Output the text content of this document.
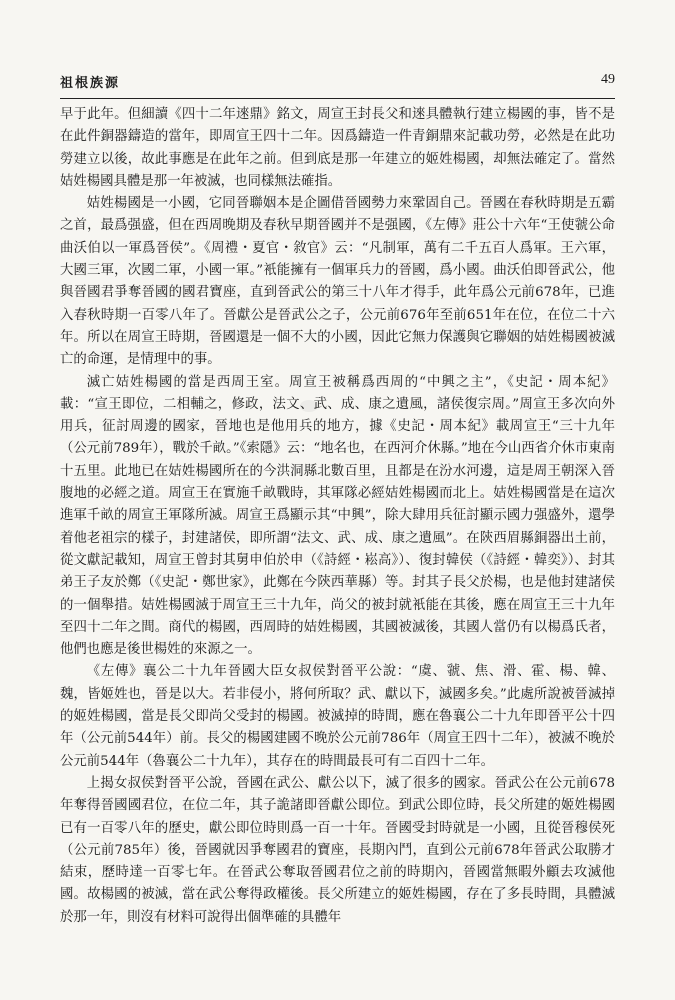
祖根族源	49

早于此年。但細讀《四十二年逨鼎》銘文，周宣王封長父和逨具體執行建立楊國的事，皆不是在此件銅器鑄造的當年，即周宣王四十二年。因爲鑄造一件青銅鼎來記載功勞，必然是在此功勞建立以後，故此事應是在此年之前。但到底是那一年建立的姬姓楊國，却無法確定了。當然姞姓楊國具體是那一年被滅，也同樣無法確指。

姞姓楊國是一小國，它同晉聯姻本是企圖借晉國勢力來鞏固自己。晉國在春秋時期是五霸之首，最爲强盛，但在西周晚期及春秋早期晉國并不是强國，《左傳》莊公十六年“王使虢公命曲沃伯以一軍爲晉侯”。《周禮・夏官・敘官》云：“凡制軍，萬有二千五百人爲軍。王六軍，大國三軍，次國二軍，小國一軍。”衹能擁有一個軍兵力的晉國，爲小國。曲沃伯即晉武公，他與晉國君爭奪晉國的國君寶座，直到晉武公的第三十八年才得手，此年爲公元前678年，已進入春秋時期一百零八年了。晉獻公是晉武公之子，公元前676年至前651年在位，在位二十六年。所以在周宣王時期，晉國還是一個不大的小國，因此它無力保護與它聯姻的姞姓楊國被滅亡的命運，是情理中的事。

滅亡姞姓楊國的當是西周王室。周宣王被稱爲西周的“中興之主”，《史記・周本紀》載：“宣王即位，二相輔之，修政，法文、武、成、康之遺風，諸侯復宗周。”周宣王多次向外用兵，征討周邊的國家，晉地也是他用兵的地方，據《史記・周本紀》載周宣王“三十九年（公元前789年），戰於千畝。”《索隱》云：“地名也，在西河介休縣。”地在今山西省介休市東南十五里。此地已在姞姓楊國所在的今洪洞縣北數百里，且都是在汾水河邊，這是周王朝深入晉腹地的必經之道。周宣王在實施千畝戰時，其軍隊必經姞姓楊國而北上。姞姓楊國當是在這次進軍千畝的周宣王軍隊所滅。周宣王爲顯示其“中興”，除大肆用兵征討顯示國力强盛外，還學着他老祖宗的樣子，封建諸侯，即所謂“法文、武、成、康之遺風”。在陝西眉縣銅器出土前，從文獻記載知，周宣王曾封其舅申伯於申（《詩經・崧高》）、復封韓侯（《詩經・韓奕》）、封其弟王子友於鄭（《史記・鄭世家》，此鄭在今陝西華縣）等。封其子長父於楊，也是他封建諸侯的一個舉措。姞姓楊國滅于周宣王三十九年，尚父的被封就衹能在其後，應在周宣王三十九年至四十二年之間。商代的楊國，西周時的姞姓楊國，其國被滅後，其國人當仍有以楊爲氏者，他們也應是後世楊姓的來源之一。

《左傳》襄公二十九年晉國大臣女叔侯對晉平公說：“虞、虢、焦、滑、霍、楊、韓、魏，皆姬姓也，晉是以大。若非侵小，將何所取？武、獻以下，滅國多矣。”此處所說被晉滅掉的姬姓楊國，當是長父即尚父受封的楊國。被滅掉的時間，應在魯襄公二十九年即晉平公十四年（公元前544年）前。長父的楊國建國不晚於公元前786年（周宣王四十二年），被滅不晚於公元前544年（魯襄公二十九年），其存在的時間最長可有二百四十二年。

上揭女叔侯對晉平公說，晉國在武公、獻公以下，滅了很多的國家。晉武公在公元前678年奪得晉國國君位，在位二年，其子詭諸即晉獻公即位。到武公即位時，長父所建的姬姓楊國已有一百零八年的歷史，獻公即位時則爲一百一十年。晉國受封時就是一小國，且從晉穆侯死（公元前785年）後，晉國就因爭奪國君的寶座，長期內鬥，直到公元前678年晉武公取勝才結束，歷時達一百零七年。在晉武公奪取晉國君位之前的時期內，晉國當無暇外顧去攻滅他國。故楊國的被滅，當在武公奪得政權後。長父所建立的姬姓楊國，存在了多長時間，具體滅於那一年，則沒有材料可說得出個準確的具體年
